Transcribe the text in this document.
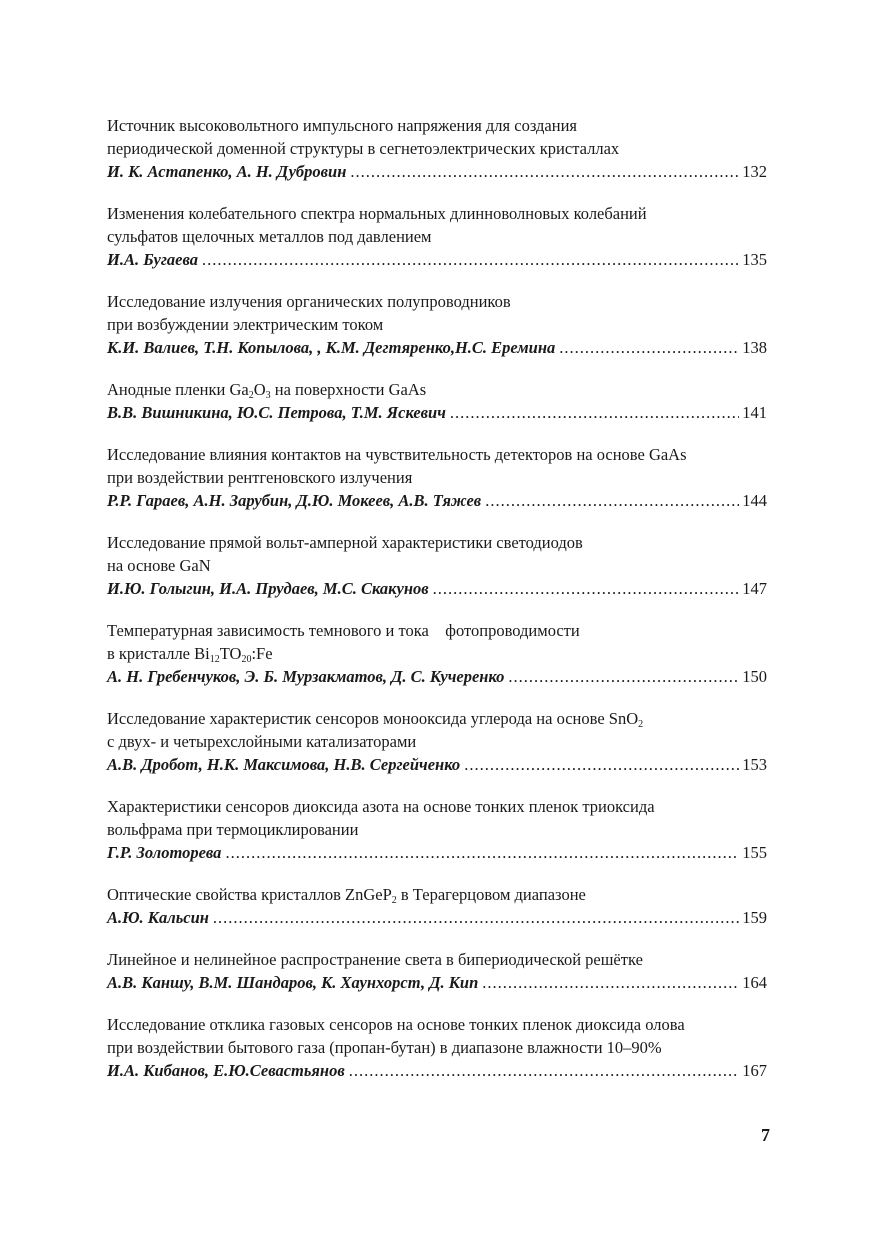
Источник высоковольтного импульсного напряжения для создания
периодической доменной структуры в сегнетоэлектрических кристаллах
И. К. Астапенко, А. Н. Дубровин .....	132
Изменения колебательного спектра нормальных длинноволновых колебаний
сульфатов щелочных металлов под давлением
И.А. Бугаева .....	135
Исследование излучения органических полупроводников
при возбуждении электрическим током
К.И. Валиев, Т.Н. Копылова, , К.М. Дегтяренко,Н.С. Еремина .....	138
Анодные пленки $Ga_2O_3$ на поверхности GaAs
В.В. Вишникина, Ю.С. Петрова, Т.М. Яскевич .....	141
Исследование влияния контактов на чувствительность детекторов на основе GaAs
при воздействии рентгеновского излучения
Р.Р. Гараев, А.Н. Зарубин, Д.Ю. Мокеев, А.В. Тяжев .....	144
Исследование прямой вольт-амперной характеристики светодиодов
на основе GaN
И.Ю. Голыгин, И.А. Прудаев, М.С. Скакунов .....	147
Температурная зависимость темнового и тока    фотопроводимости
в кристалле $Bi_{12}TO_{20}:Fe$
А. Н. Гребенчуков, Э. Б. Мурзакматов, Д. С. Кучеренко .....	150
Исследование характеристик сенсоров монооксида углерода на основе SnO$_2$
с двух- и четырехслойными катализаторами
А.В. Дробот, Н.К. Максимова, Н.В. Сергейченко .....	153
Характеристики сенсоров диоксида азота на основе тонких пленок триоксида
вольфрама при термоциклировании
Г.Р. Золоторева .....	155
Оптические свойства кристаллов ZnGeP$_2$ в Терагерцовом диапазоне
А.Ю. Кальсин .....	159
Линейное и нелинейное распространение света в бипериодической решётке
А.В. Каншу, В.М. Шандаров, К. Хаунхорст, Д. Кип .....	164
Исследование отклика газовых сенсоров на основе тонких пленок диоксида олова
при воздействии бытового газа (пропан-бутан) в диапазоне влажности 10–90%
И.А. Кибанов, Е.Ю.Севастьянов .....	167
7
